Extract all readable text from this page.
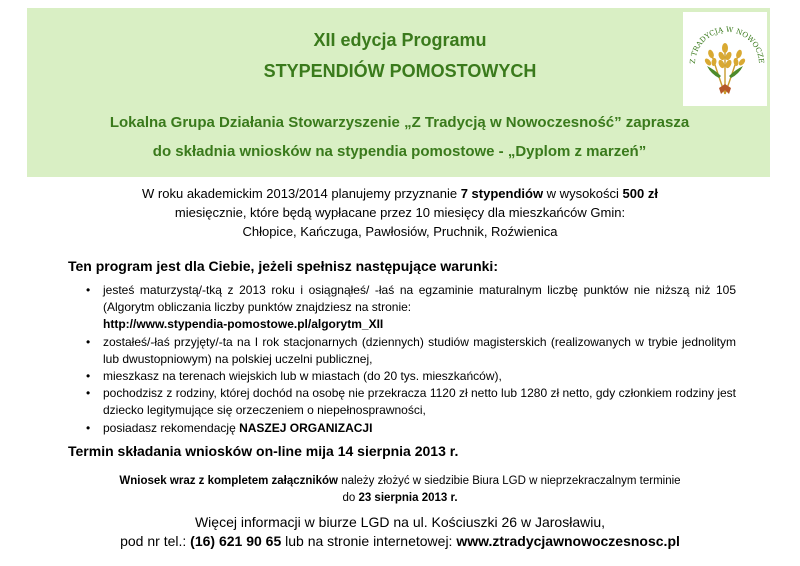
XII edycja Programu
STYPENDIÓW POMOSTOWYCH	Z TRADYCJĄ W NOWOCZE
Lokalna Grupa Działania Stowarzyszenie „Z Tradycją w Nowoczesność” zaprasza
do składnia wniosków na stypendia pomostowe - „Dyplom z marzeń”
W roku akademickim 2013/2014 planujemy przyznanie 7 stypendiów w wysokości 500 zł
miesięcznie, które będą wypłacane przez 10 miesięcy dla mieszkańców Gmin:
Chłopice, Kańczuga, Pawłosiów, Pruchnik, Roźwienica
Ten program jest dla Ciebie, jeżeli spełnisz następujące warunki:
• jesteś maturzystą/-tką z 2013 roku i osiągnąłeś/ -łaś na egzaminie maturalnym liczbę punktów nie niższą niż 105 (Algorytm obliczania liczby punktów znajdziesz na stronie:
http://www.stypendia-pomostowe.pl/algorytm_XII
• zostałeś/-łaś przyjęty/-ta na I rok stacjonarnych (dziennych) studiów magisterskich (realizowanych w trybie jednolitym lub dwustopniowym) na polskiej uczelni publicznej,
• mieszkasz na terenach wiejskich lub w miastach (do 20 tys. mieszkańców),
• pochodzisz z rodziny, której dochód na osobę nie przekracza 1120 zł netto lub 1280 zł netto, gdy członkiem rodziny jest dziecko legitymujące się orzeczeniem o niepełnosprawności,
• posiadasz rekomendację NASZEJ ORGANIZACJI
Termin składania wniosków on-line mija 14 sierpnia 2013 r.
Wniosek wraz z kompletem załączników należy złożyć w siedzibie Biura LGD w nieprzekraczalnym terminie
do 23 sierpnia 2013 r.
Więcej informacji w biurze LGD na ul. Kościuszki 26 w Jarosławiu,
pod nr tel.: (16) 621 90 65 lub na stronie internetowej: www.ztradycjawnowoczesnosc.pl
